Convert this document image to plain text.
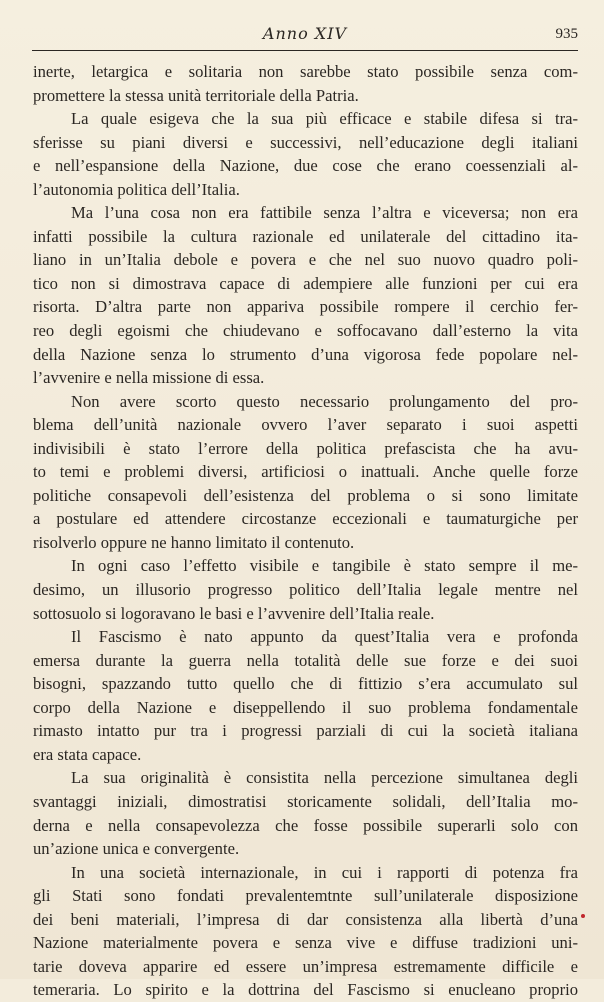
Anno XIV	935
inerte, letargica e solitaria non sarebbe stato possibile senza com-
promettere la stessa unità territoriale della Patria.
La quale esigeva che la sua più efficace e stabile difesa si tra-
sferisse su piani diversi e successivi, nell’educazione degli italiani
e nell’espansione della Nazione, due cose che erano coessenziali al-
l’autonomia politica dell’Italia.
Ma l’una cosa non era fattibile senza l’altra e viceversa; non era
infatti possibile la cultura razionale ed unilaterale del cittadino ita-
liano in un’Italia debole e povera e che nel suo nuovo quadro poli-
tico non si dimostrava capace di adempiere alle funzioni per cui era
risorta. D’altra parte non appariva possibile rompere il cerchio fer-
reo degli egoismi che chiudevano e soffocavano dall’esterno la vita
della Nazione senza lo strumento d’una vigorosa fede popolare nel-
l’avvenire e nella missione di essa.
Non avere scorto questo necessario prolungamento del pro-
blema dell’unità nazionale ovvero l’aver separato i suoi aspetti
indivisibili è stato l’errore della politica prefascista che ha avu-
to temi e problemi diversi, artificiosi o inattuali. Anche quelle forze
politiche consapevoli dell’esistenza del problema o si sono limitate
a postulare ed attendere circostanze eccezionali e taumaturgiche per
risolverlo oppure ne hanno limitato il contenuto.
In ogni caso l’effetto visibile e tangibile è stato sempre il me-
desimo, un illusorio progresso politico dell’Italia legale mentre nel
sottosuolo si logoravano le basi e l’avvenire dell’Italia reale.
Il Fascismo è nato appunto da quest’Italia vera e profonda
emersa durante la guerra nella totalità delle sue forze e dei suoi
bisogni, spazzando tutto quello che di fittizio s’era accumulato sul
corpo della Nazione e diseppellendo il suo problema fondamentale
rimasto intatto pur tra i progressi parziali di cui la società italiana
era stata capace.
La sua originalità è consistita nella percezione simultanea degli
svantaggi iniziali, dimostratisi storicamente solidali, dell’Italia mo-
derna e nella consapevolezza che fosse possibile superarli solo con
un’azione unica e convergente.
In una società internazionale, in cui i rapporti di potenza fra
gli Stati sono fondati prevalentemtnte sull’unilaterale disposizione
dei beni materiali, l’impresa di dar consistenza alla libertà d’una
Nazione materialmente povera e senza vive e diffuse tradizioni uni-
tarie doveva apparire ed essere un’impresa estremamente difficile e
temeraria. Lo spirito e la dottrina del Fascismo si enucleano proprio
